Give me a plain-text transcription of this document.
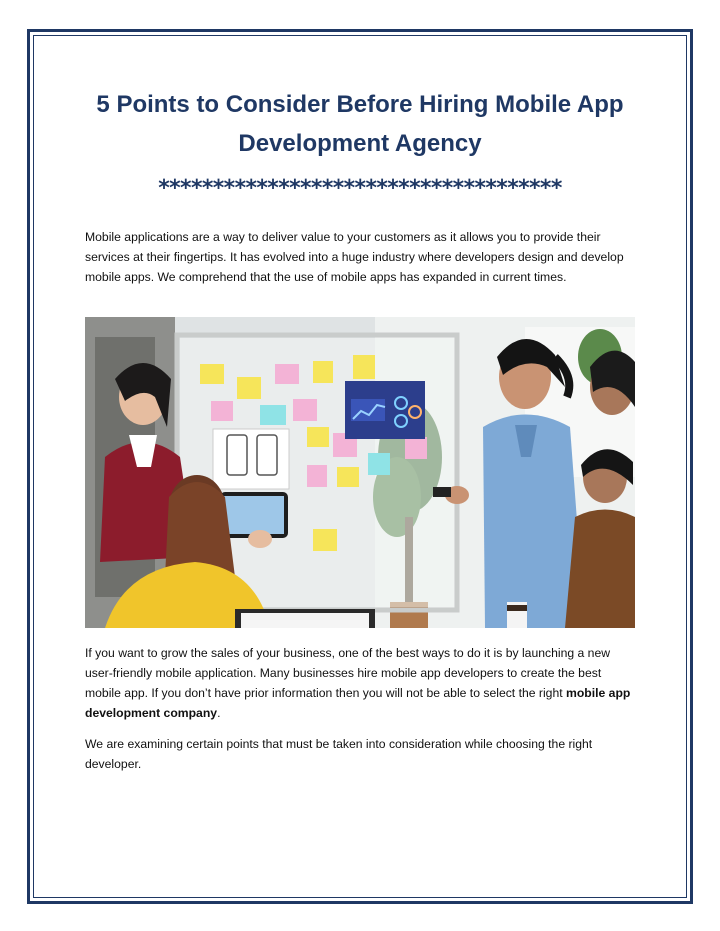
5 Points to Consider Before Hiring Mobile App Development Agency
*************************************

Mobile applications are a way to deliver value to your customers as it allows you to provide their services at their fingertips. It has evolved into a huge industry where developers design and develop mobile apps. We comprehend that the use of mobile apps has expanded in current times.

If you want to grow the sales of your business, one of the best ways to do it is by launching a new user-friendly mobile application. Many businesses hire mobile app developers to create the best mobile app. If you don’t have prior information then you will not be able to select the right mobile app development company.

We are examining certain points that must be taken into consideration while choosing the right developer.
